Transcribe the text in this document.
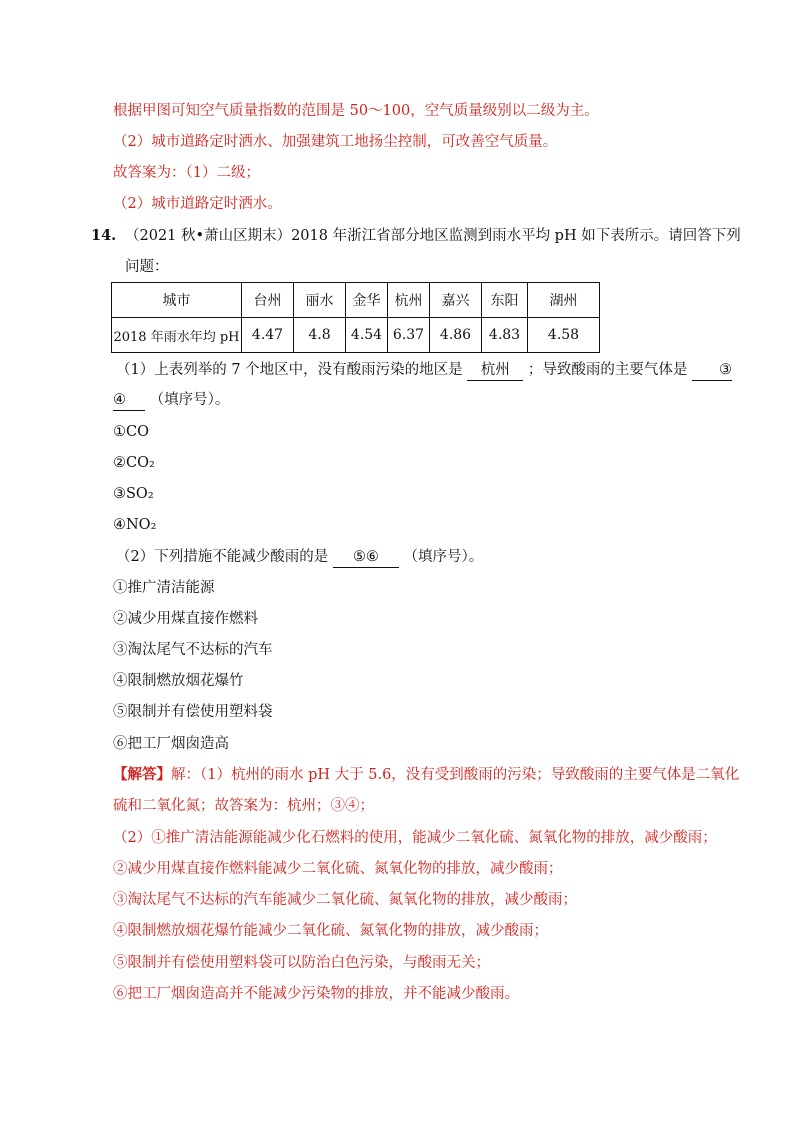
根据甲图可知空气质量指数的范围是 50～100，空气质量级别以二级为主。
（2）城市道路定时洒水、加强建筑工地扬尘控制，可改善空气质量。
故答案为：（1）二级；
（2）城市道路定时洒水。
14. （2021 秋•萧山区期末）2018 年浙江省部分地区监测到雨水平均 pH 如下表所示。请回答下列
问题：
城市	台州	丽水	金华	杭州	嘉兴	东阳	湖州
2018 年雨水年均 pH	4.47	4.8	4.54	6.37	4.86	4.83	4.58
（1）上表列举的 7 个地区中，没有酸雨污染的地区是 杭州 ；导致酸雨的主要气体是 ③
④ （填序号）。
①CO
②CO₂
③SO₂
④NO₂
（2）下列措施不能减少酸雨的是 ⑤⑥ （填序号）。
①推广清洁能源
②减少用煤直接作燃料
③淘汰尾气不达标的汽车
④限制燃放烟花爆竹
⑤限制并有偿使用塑料袋
⑥把工厂烟囱造高
【解答】解：（1）杭州的雨水 pH 大于 5.6，没有受到酸雨的污染；导致酸雨的主要气体是二氧化
硫和二氧化氮；故答案为：杭州；③④；
（2）①推广清洁能源能减少化石燃料的使用，能减少二氧化硫、氮氧化物的排放，减少酸雨；
②减少用煤直接作燃料能减少二氧化硫、氮氧化物的排放，减少酸雨；
③淘汰尾气不达标的汽车能减少二氧化硫、氮氧化物的排放，减少酸雨；
④限制燃放烟花爆竹能减少二氧化硫、氮氧化物的排放，减少酸雨；
⑤限制并有偿使用塑料袋可以防治白色污染，与酸雨无关；
⑥把工厂烟囱造高并不能减少污染物的排放，并不能减少酸雨。
